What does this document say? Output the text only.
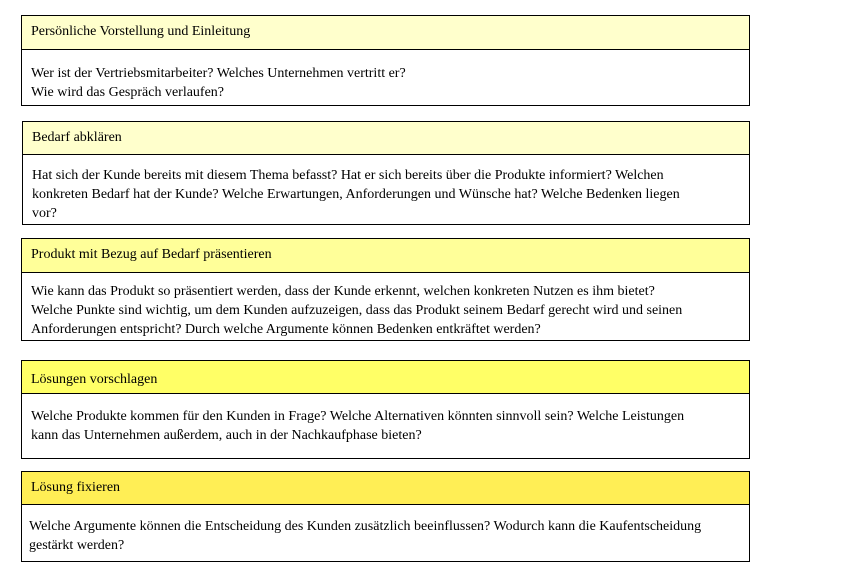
Persönliche Vorstellung und Einleitung

Wer ist der Vertriebsmitarbeiter? Welches Unternehmen vertritt er?

Wie wird das Gespräch verlaufen?

Bedarf abklären

Hat sich der Kunde bereits mit diesem Thema befasst? Hat er sich bereits über die Produkte informiert? Welchen

konkreten Bedarf hat der Kunde? Welche Erwartungen, Anforderungen und Wünsche hat? Welche Bedenken liegen

vor?

Produkt mit Bezug auf Bedarf präsentieren

Wie kann das Produkt so präsentiert werden, dass der Kunde erkennt, welchen konkreten Nutzen es ihm bietet?

Welche Punkte sind wichtig, um dem Kunden aufzuzeigen, dass das Produkt seinem Bedarf gerecht wird und seinen

Anforderungen entspricht? Durch welche Argumente können Bedenken entkräftet werden?

Lösungen vorschlagen

Welche Produkte kommen für den Kunden in Frage? Welche Alternativen könnten sinnvoll sein? Welche Leistungen

kann das Unternehmen außerdem, auch in der Nachkaufphase bieten?

Lösung fixieren

Welche Argumente können die Entscheidung des Kunden zusätzlich beeinflussen? Wodurch kann die Kaufentscheidung

gestärkt werden?
